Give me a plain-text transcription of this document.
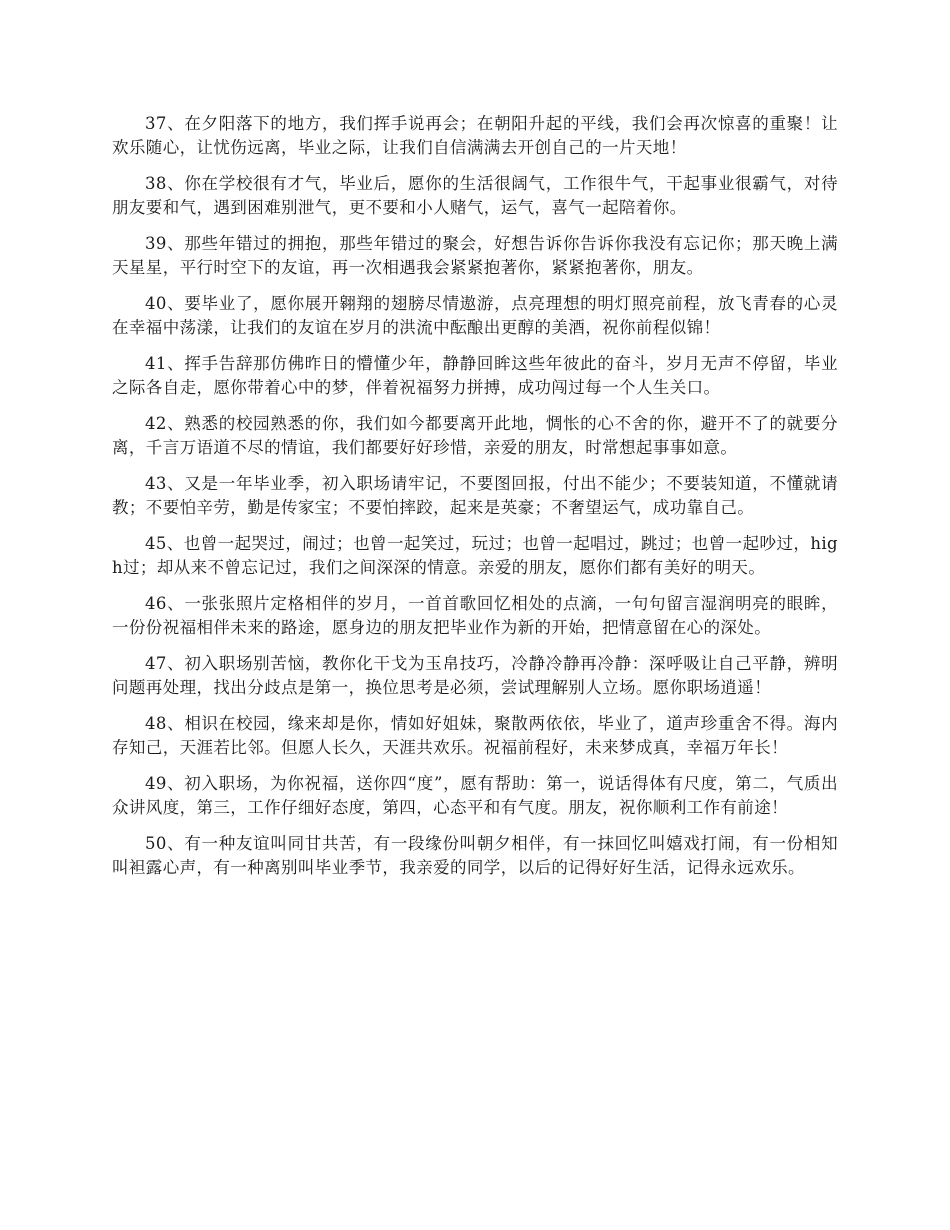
37、在夕阳落下的地方，我们挥手说再会；在朝阳升起的平线，我们会再次惊喜的重聚！让欢乐随心，让忧伤远离，毕业之际，让我们自信满满去开创自己的一片天地！

38、你在学校很有才气，毕业后，愿你的生活很阔气，工作很牛气，干起事业很霸气，对待朋友要和气，遇到困难别泄气，更不要和小人赌气，运气，喜气一起陪着你。

39、那些年错过的拥抱，那些年错过的聚会，好想告诉你告诉你我没有忘记你；那天晚上满天星星，平行时空下的友谊，再一次相遇我会紧紧抱著你，紧紧抱著你，朋友。

40、要毕业了，愿你展开翱翔的翅膀尽情遨游，点亮理想的明灯照亮前程，放飞青春的心灵在幸福中荡漾，让我们的友谊在岁月的洪流中酝酿出更醇的美酒，祝你前程似锦！

41、挥手告辞那仿佛昨日的懵懂少年，静静回眸这些年彼此的奋斗，岁月无声不停留，毕业之际各自走，愿你带着心中的梦，伴着祝福努力拼搏，成功闯过每一个人生关口。

42、熟悉的校园熟悉的你，我们如今都要离开此地，惆怅的心不舍的你，避开不了的就要分离，千言万语道不尽的情谊，我们都要好好珍惜，亲爱的朋友，时常想起事事如意。

43、又是一年毕业季，初入职场请牢记，不要图回报，付出不能少；不要装知道，不懂就请教；不要怕辛劳，勤是传家宝；不要怕摔跤，起来是英豪；不奢望运气，成功靠自己。

45、也曾一起哭过，闹过；也曾一起笑过，玩过；也曾一起唱过，跳过；也曾一起吵过，high过；却从来不曾忘记过，我们之间深深的情意。亲爱的朋友，愿你们都有美好的明天。

46、一张张照片定格相伴的岁月，一首首歌回忆相处的点滴，一句句留言湿润明亮的眼眸，一份份祝福相伴未来的路途，愿身边的朋友把毕业作为新的开始，把情意留在心的深处。

47、初入职场别苦恼，教你化干戈为玉帛技巧，冷静冷静再冷静：深呼吸让自己平静，辨明问题再处理，找出分歧点是第一，换位思考是必须，尝试理解别人立场。愿你职场逍遥！

48、相识在校园，缘来却是你，情如好姐妹，聚散两依依，毕业了，道声珍重舍不得。海内存知己，天涯若比邻。但愿人长久，天涯共欢乐。祝福前程好，未来梦成真，幸福万年长！

49、初入职场，为你祝福，送你四“度”，愿有帮助：第一，说话得体有尺度，第二，气质出众讲风度，第三，工作仔细好态度，第四，心态平和有气度。朋友，祝你顺利工作有前途！

50、有一种友谊叫同甘共苦，有一段缘份叫朝夕相伴，有一抹回忆叫嬉戏打闹，有一份相知叫袒露心声，有一种离别叫毕业季节，我亲爱的同学，以后的记得好好生活，记得永远欢乐。
